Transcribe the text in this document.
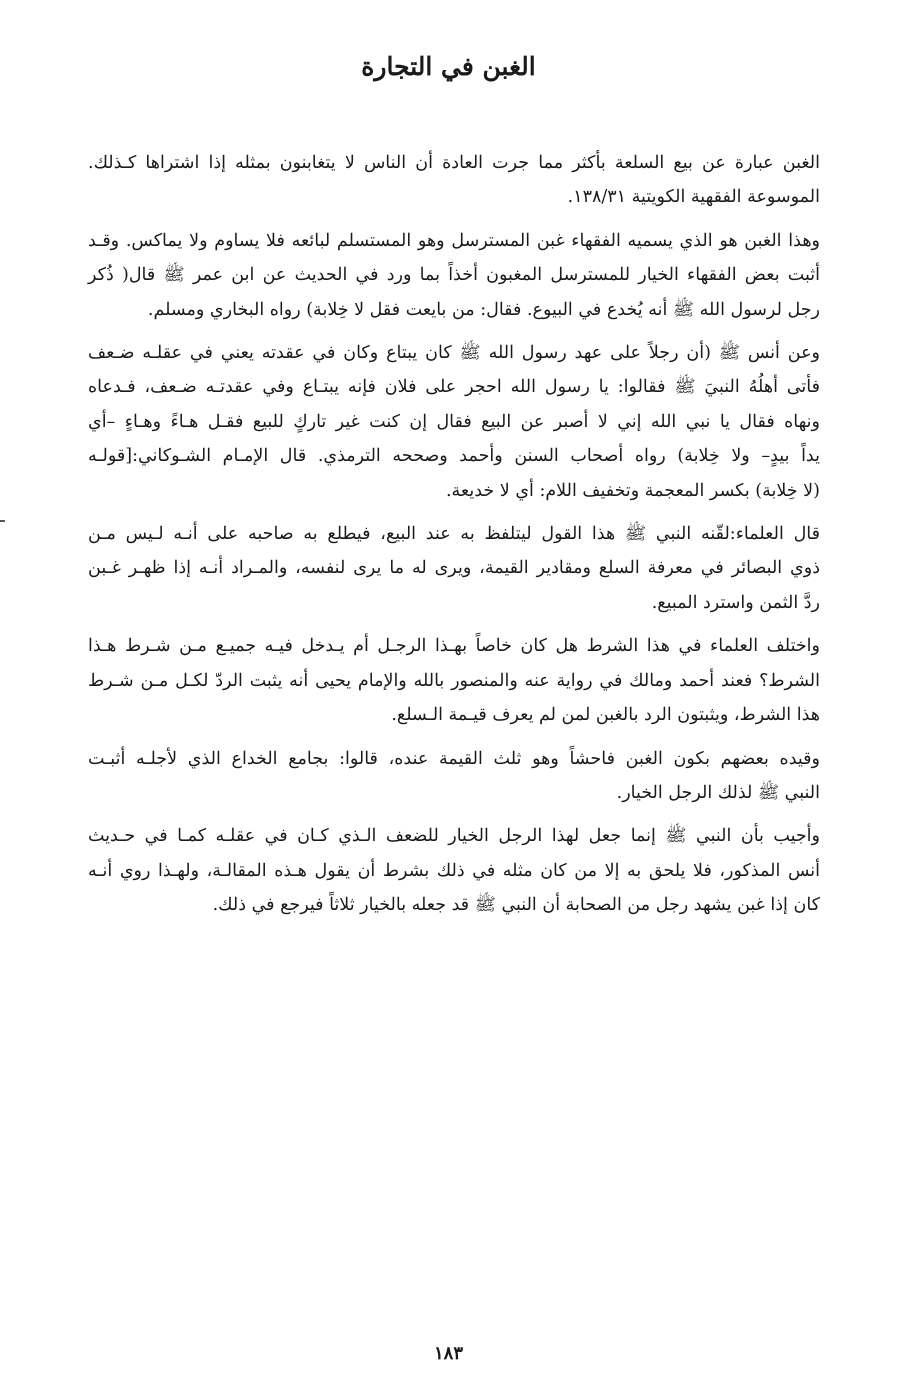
الغبن في التجارة

الغبن عبارة عن بيع السلعة بأكثر مما جرت العادة أن الناس لا يتغابنون بمثله إذا اشتراها كـذلك.
الموسوعة الفقهية الكويتية ١٣٨/٣١.

وهذا الغبن هو الذي يسميه الفقهاء غبن المسترسل وهو المستسلم لبائعه فلا يساوم ولا يماكس. وقـد
أثبت بعض الفقهاء الخيار للمسترسل المغبون أخذاً بما ورد في الحديث عن ابن عمر ﷺ قال( ذُكر
رجل لرسول الله ﷺ أنه يُخدع في البيوع. فقال: من بايعت فقل لا خِلابة) رواه البخاري ومسلم.

وعن أنس ﷺ (أن رجلاً على عهد رسول الله ﷺ كان يبتاع وكان في عقدته يعني في عقلـه ضـعف
فأتى أهلُهُ النبيَ ﷺ فقالوا: يا رسول الله احجر على فلان فإنه يبتـاع وفي عقدتـه ضـعف، فـدعاه
ونهاه فقال يا نبي الله إني لا أصبر عن البيع فقال إن كنت غير تاركٍ للبيع فقـل هـاءً وهـاءٍ –أي
يداً بيدٍ– ولا خِلابة) رواه أصحاب السنن وأحمد وصححه الترمذي. قال الإمـام الشـوكاني:[قولـه
(لا خِلابة) بكسر المعجمة وتخفيف اللام: أي لا خديعة.

قال العلماء:لقّنه النبي ﷺ هذا القول ليتلفظ به عند البيع، فيطلع به صاحبه على أنـه لـيس مـن
ذوي البصائر في معرفة السلع ومقادير القيمة، ويرى له ما يرى لنفسه، والمـراد أنـه إذا ظهـر غـبن
ردَّ الثمن واسترد المبيع.

واختلف العلماء في هذا الشرط هل كان خاصاً بهـذا الرجـل أم يـدخل فيـه جميـع مـن شـرط هـذا
الشرط؟ فعند أحمد ومالك في رواية عنه والمنصور بالله والإمام يحيى أنه يثبت الردّ لكـل مـن شـرط
هذا الشرط، ويثبتون الرد بالغبن لمن لم يعرف قيـمة الـسلع.

وقيده بعضهم بكون الغبن فاحشاً وهو ثلث القيمة عنده، قالوا: بجامع الخداع الذي لأجلـه أثبـت
النبي ﷺ لذلك الرجل الخيار.

وأجيب بأن النبي ﷺ إنما جعل لهذا الرجل الخيار للضعف الـذي كـان في عقلـه كمـا في حـديث
أنس المذكور، فلا يلحق به إلا من كان مثله في ذلك بشرط أن يقول هـذه المقالـة، ولهـذا روي أنـه
كان إذا غبن يشهد رجل من الصحابة أن النبي ﷺ قد جعله بالخيار ثلاثاً فيرجع في ذلك.

١٨٣
